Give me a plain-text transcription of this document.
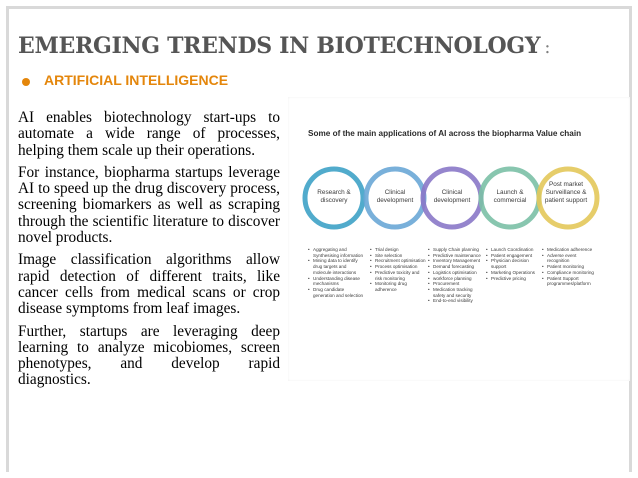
EMERGING TRENDS IN BIOTECHNOLOGY :
ARTIFICIAL INTELLIGENCE

AI enables biotechnology start-ups to automate a wide range of processes, helping them scale up their operations.

For instance, biopharma startups leverage AI to speed up the drug discovery process, screening biomarkers as well as scraping through the scientific literature to discover novel products.

Image classification algorithms allow rapid detection of different traits, like cancer cells from medical scans or crop disease symptoms from leaf images.

Further, startups are leveraging deep learning to analyze micobiomes, screen phenotypes, and develop rapid diagnostics.

Some of the main applications of AI across the biopharma Value chain
Research & discovery
Clinical development
Clinical development
Launch & commercial
Post market Surveillance & patient support
• Aggregating and Synthesising information
• Mining data to identify drug targets and molecule interactions
• Understanding disease mechanisms
• Drug candidate generation and selection
• Trial design
• Site selection
• Recruitment optimisation
• Process optimisation
• Predictive toxicity and risk monitoring
• Monitoring drug adherence
• Supply Chain planning
• Predictive maintenance
• Inventory Management
• Demand forecasting
• Logistics optimisation
• workforce planning
• Procurement
• Medication tracking safety and security
• End-to-end visibility
• Launch Coordination
• Patient engagement
• Physician decision support
• Marketing Operations
• Predictive pricing
• Medication adherence
• Adverse event recognition
• Patient monitoring
• Compliance monitoring
• Patient Support programmes/platform
